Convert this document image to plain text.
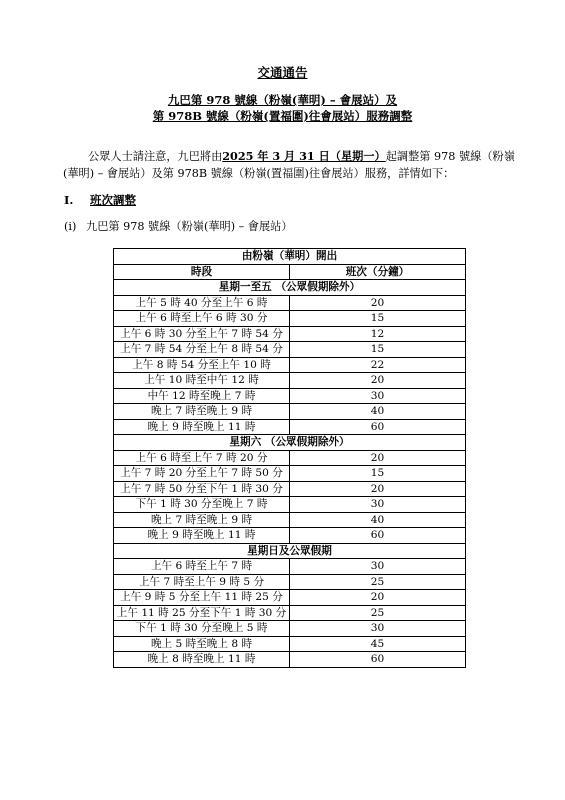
交通通告
九巴第 978 號線（粉嶺(華明) – 會展站）及
第 978B 號線（粉嶺(置福圍)往會展站）服務調整
公眾人士請注意，九巴將由2025 年 3 月 31 日（星期一）起調整第 978 號線（粉嶺
(華明) – 會展站）及第 978B 號線（粉嶺(置福圍)往會展站）服務，詳情如下：
I. 班次調整
(i) 九巴第 978 號線（粉嶺(華明) – 會展站）
由粉嶺（華明）開出	
時段	班次（分鐘）
星期一至五 （公眾假期除外）	
上午 5 時 40 分至上午 6 時	20
上午 6 時至上午 6 時 30 分	15
上午 6 時 30 分至上午 7 時 54 分	12
上午 7 時 54 分至上午 8 時 54 分	15
上午 8 時 54 分至上午 10 時	22
上午 10 時至中午 12 時	20
中午 12 時至晚上 7 時	30
晚上 7 時至晚上 9 時	40
晚上 9 時至晚上 11 時	60
星期六 （公眾假期除外）	
上午 6 時至上午 7 時 20 分	20
上午 7 時 20 分至上午 7 時 50 分	15
上午 7 時 50 分至下午 1 時 30 分	20
下午 1 時 30 分至晚上 7 時	30
晚上 7 時至晚上 9 時	40
晚上 9 時至晚上 11 時	60
星期日及公眾假期	
上午 6 時至上午 7 時	30
上午 7 時至上午 9 時 5 分	25
上午 9 時 5 分至上午 11 時 25 分	20
上午 11 時 25 分至下午 1 時 30 分	25
下午 1 時 30 分至晚上 5 時	30
晚上 5 時至晚上 8 時	45
晚上 8 時至晚上 11 時	60
